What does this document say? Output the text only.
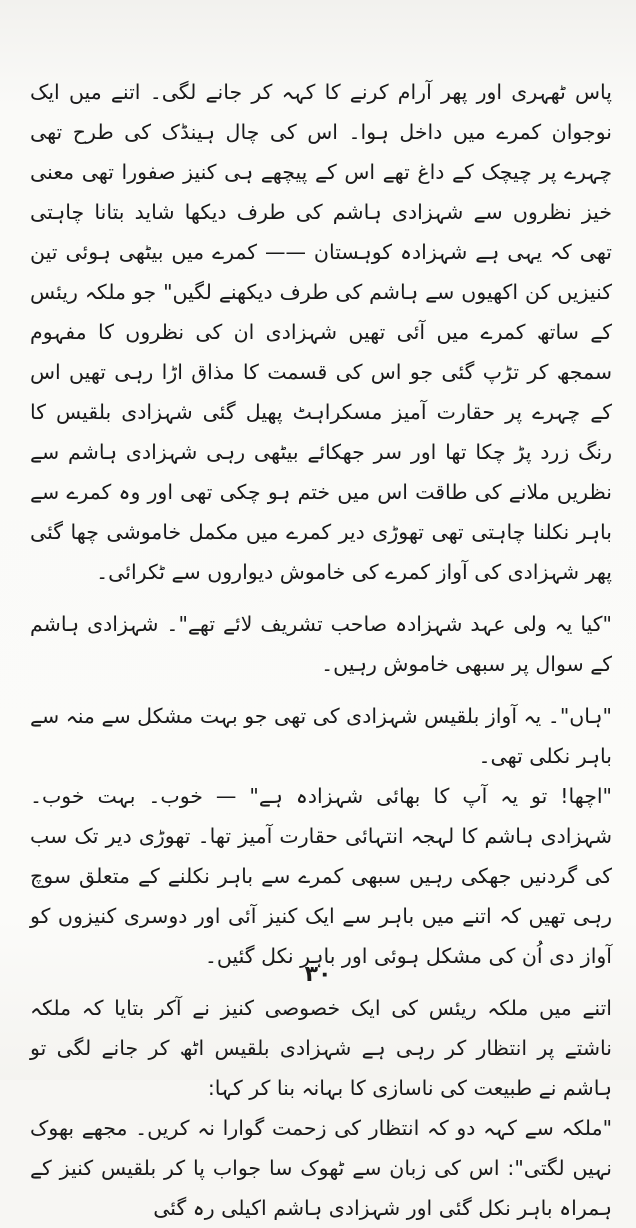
پاس ٹھہری اور پھر آرام کرنے کا کہہ کر جانے لگی۔ اتنے میں ایک نوجوان کمرے میں داخل ہوا۔ اس کی چال ہینڈک کی طرح تھی چہرے پر چیچک کے داغ تھے اس کے پیچھے ہی کنیز صفورا تھی معنی خیز نظروں سے شہزادی ہاشم کی طرف دیکھا شاید بتانا چاہتی تھی کہ یہی ہے شہزادہ کوہستان —— کمرے میں بیٹھی ہوئی تین کنیزیں کن اکھیوں سے ہاشم کی طرف دیکھنے لگیں" جو ملکہ ریئس کے ساتھ کمرے میں آئی تھیں شہزادی ان کی نظروں کا مفہوم سمجھ کر تڑپ گئی جو اس کی قسمت کا مذاق اڑا رہی تھیں اس کے چہرے پر حقارت آمیز مسکراہٹ پھیل گئی شہزادی بلقیس کا رنگ زرد پڑ چکا تھا اور سر جھکائے بیٹھی رہی شہزادی ہاشم سے نظریں ملانے کی طاقت اس میں ختم ہو چکی تھی اور وہ کمرے سے باہر نکلنا چاہتی تھی تھوڑی دیر کمرے میں مکمل خاموشی چھا گئی پھر شہزادی کی آواز کمرے کی خاموش دیواروں سے ٹکرائی۔

"کیا یہ ولی عہد شہزادہ صاحب تشریف لائے تھے"۔ شہزادی ہاشم کے سوال پر سبھی خاموش رہیں۔

"ہاں"۔ یہ آواز بلقیس شہزادی کی تھی جو بہت مشکل سے منہ سے باہر نکلی تھی۔

"اچھا! تو یہ آپ کا بھائی شہزادہ ہے" — خوب۔ بہت خوب۔ شہزادی ہاشم کا لہجہ انتہائی حقارت آمیز تھا۔ تھوڑی دیر تک سب کی گردنیں جھکی رہیں سبھی کمرے سے باہر نکلنے کے متعلق سوچ رہی تھیں کہ اتنے میں باہر سے ایک کنیز آئی اور دوسری کنیزوں کو آواز دی اُن کی مشکل ہوئی اور باہر نکل گئیں۔

اتنے میں ملکہ ریئس کی ایک خصوصی کنیز نے آکر بتایا کہ ملکہ ناشتے پر انتظار کر رہی ہے شہزادی بلقیس اٹھ کر جانے لگی تو ہاشم نے طبیعت کی ناسازی کا بہانہ بنا کر کہا:

"ملکہ سے کہہ دو کہ انتظار کی زحمت گوارا نہ کریں۔ مجھے بھوک نہیں لگتی": اس کی زبان سے ٹھوک سا جواب پا کر بلقیس کنیز کے ہمراہ باہر نکل گئی اور شہزادی ہاشم اکیلی رہ گئی

۳۰
